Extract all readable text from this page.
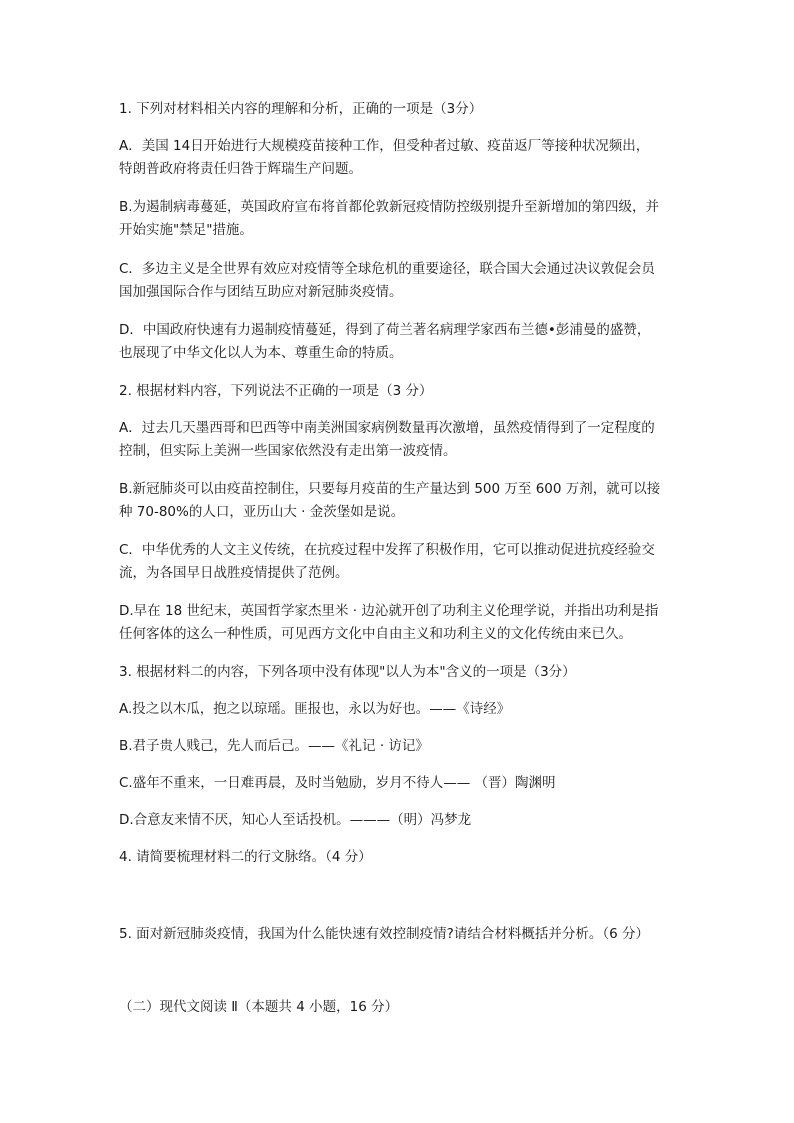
1. 下列对材料相关内容的理解和分析，正确的一项是（3分）
A．美国 14日开始进行大规模疫苗接种工作，但受种者过敏、疫苗返厂等接种状况频出，
特朗普政府将责任归咎于辉瑞生产问题。
B.为遏制病毒蔓延，英国政府宣布将首都伦敦新冠疫情防控级别提升至新增加的第四级，并
开始实施"禁足"措施。
C．多边主义是全世界有效应对疫情等全球危机的重要途径，联合国大会通过决议敦促会员
国加强国际合作与团结互助应对新冠肺炎疫情。
D．中国政府快速有力遏制疫情蔓延，得到了荷兰著名病理学家西布兰德•彭浦曼的盛赞，
也展现了中华文化以人为本、尊重生命的特质。
2. 根据材料内容，下列说法不正确的一项是（3 分）
A．过去几天墨西哥和巴西等中南美洲国家病例数量再次激增，虽然疫情得到了一定程度的
控制，但实际上美洲一些国家依然没有走出第一波疫情。
B.新冠肺炎可以由疫苗控制住，只要每月疫苗的生产量达到 500 万至 600 万剂，就可以接
种 70-80%的人口，亚历山大 · 金茨堡如是说。
C．中华优秀的人文主义传统，在抗疫过程中发挥了积极作用，它可以推动促进抗疫经验交
流，为各国早日战胜疫情提供了范例。
D.早在 18 世纪末，英国哲学家杰里米 · 边沁就开创了功利主义伦理学说，并指出功利是指
任何客体的这么一种性质，可见西方文化中自由主义和功利主义的文化传统由来已久。
3. 根据材料二的内容，下列各项中没有体现"以人为本"含义的一项是（3分）
A.投之以木瓜，抱之以琼瑶。匪报也，永以为好也。——《诗经》
B.君子贵人贱己，先人而后己。——《礼记 · 访记》
C.盛年不重来，一日难再晨，及时当勉励，岁月不待人—— （晋）陶渊明
D.合意友来情不厌，知心人至话投机。———（明）冯梦龙
4. 请简要梳理材料二的行文脉络。（4 分）
5. 面对新冠肺炎疫情，我国为什么能快速有效控制疫情?请结合材料概括并分析。（6 分）
（二）现代文阅读 Ⅱ（本题共 4 小题，16 分）
